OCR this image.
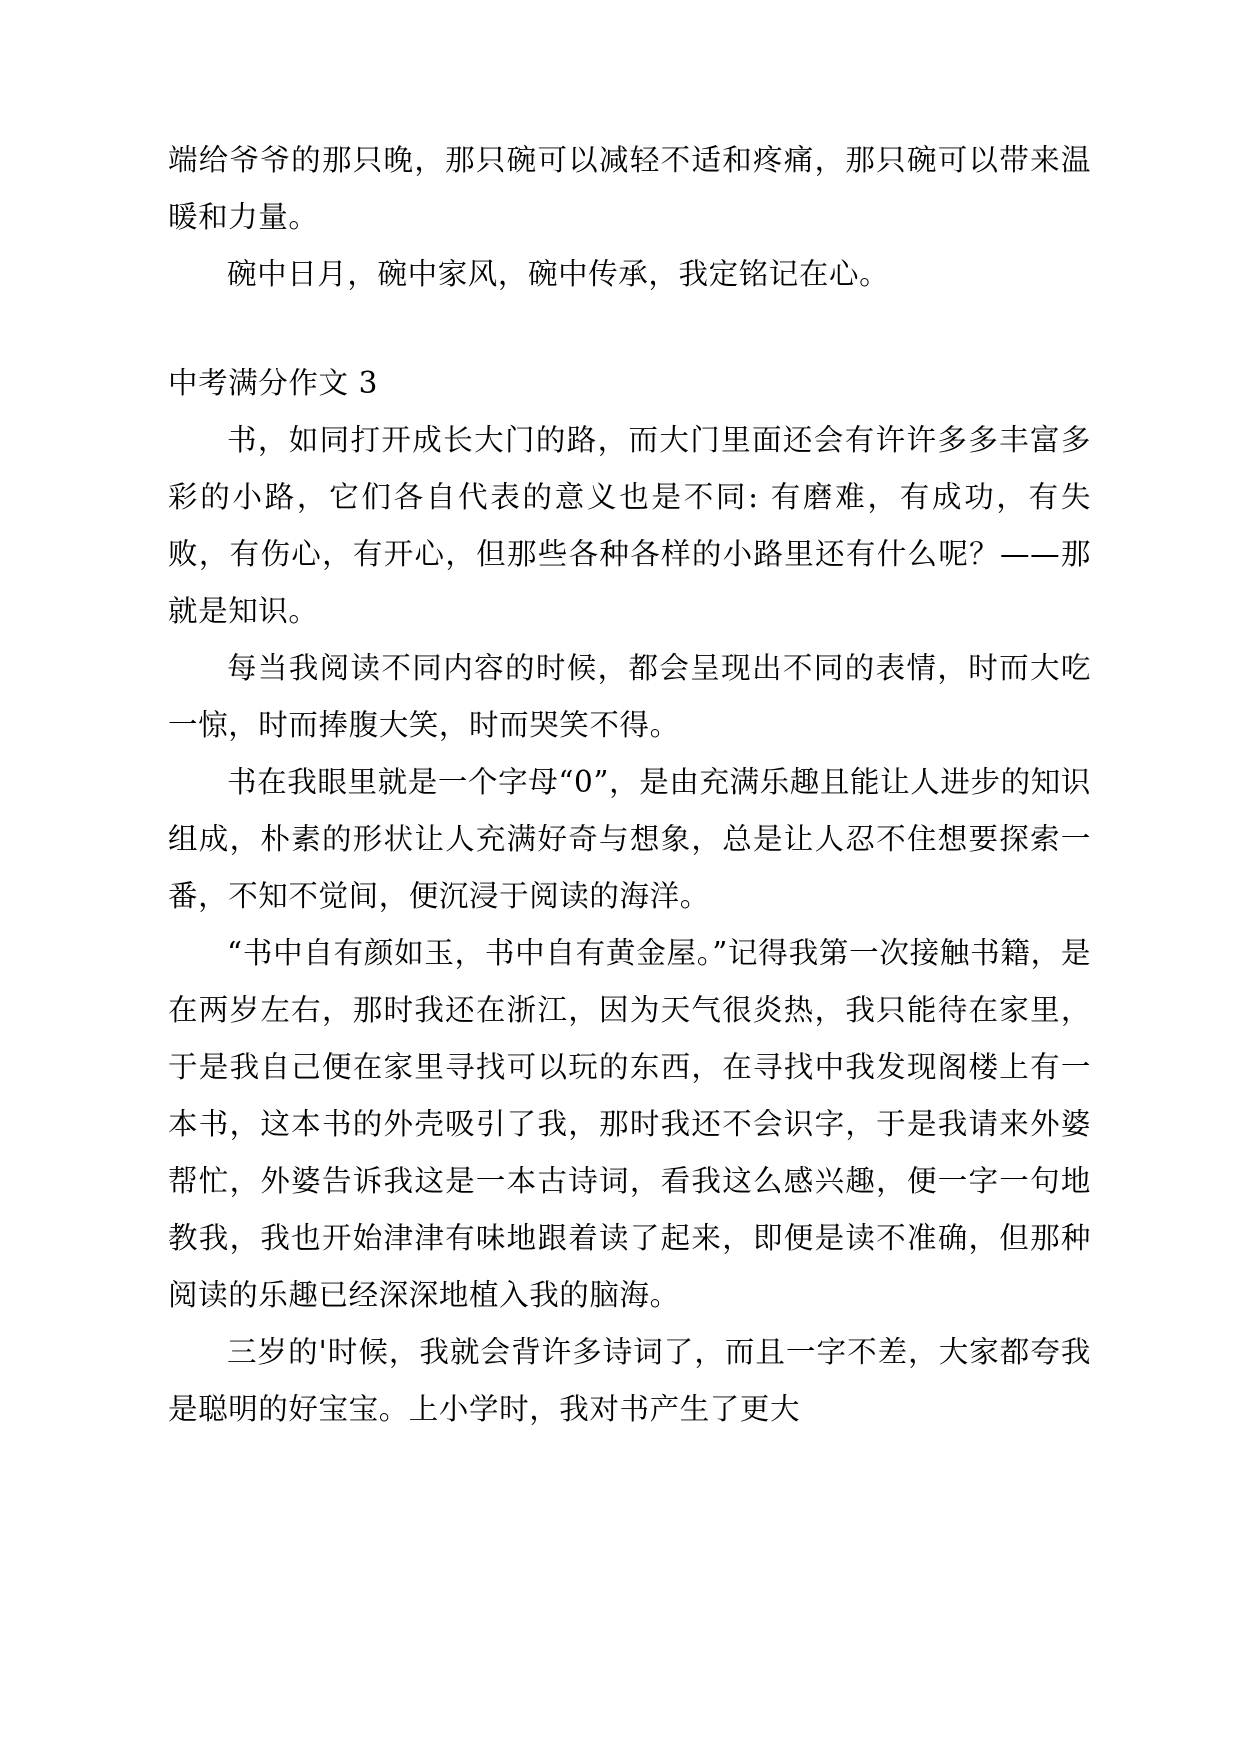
端给爷爷的那只晚，那只碗可以减轻不适和疼痛，那只碗可以带来温暖和力量。

碗中日月，碗中家风，碗中传承，我定铭记在心。

中考满分作文 3

书，如同打开成长大门的路，而大门里面还会有许许多多丰富多彩的小路，它们各自代表的意义也是不同: 有磨难，有成功，有失败，有伤心，有开心，但那些各种各样的小路里还有什么呢？——那就是知识。

每当我阅读不同内容的时候，都会呈现出不同的表情，时而大吃一惊，时而捧腹大笑，时而哭笑不得。

书在我眼里就是一个字母“0”，是由充满乐趣且能让人进步的知识组成，朴素的形状让人充满好奇与想象，总是让人忍不住想要探索一番，不知不觉间，便沉浸于阅读的海洋。

“书中自有颜如玉，书中自有黄金屋。”记得我第一次接触书籍，是在两岁左右，那时我还在浙江，因为天气很炎热，我只能待在家里，于是我自己便在家里寻找可以玩的东西，在寻找中我发现阁楼上有一本书，这本书的外壳吸引了我，那时我还不会识字，于是我请来外婆帮忙，外婆告诉我这是一本古诗词，看我这么感兴趣，便一字一句地教我，我也开始津津有味地跟着读了起来，即便是读不准确，但那种阅读的乐趣已经深深地植入我的脑海。

三岁的'时候，我就会背许多诗词了，而且一字不差，大家都夸我是聪明的好宝宝。上小学时，我对书产生了更大
